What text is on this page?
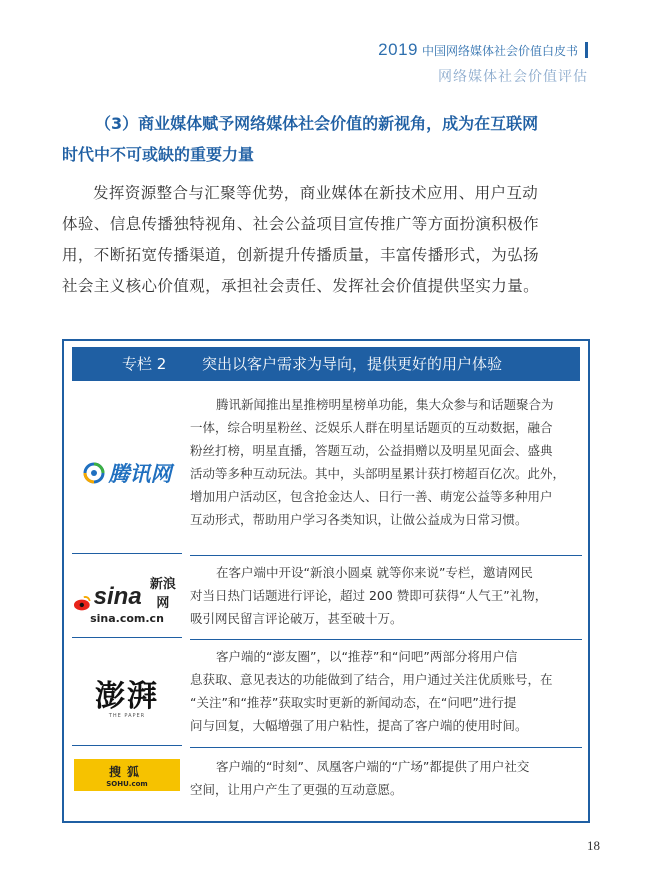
2019 中国网络媒体社会价值白皮书
网络媒体社会价值评估
（3）商业媒体赋予网络媒体社会价值的新视角，成为在互联网
时代中不可或缺的重要力量
发挥资源整合与汇聚等优势，商业媒体在新技术应用、用户互动
体验、信息传播独特视角、社会公益项目宣传推广等方面扮演积极作
用，不断拓宽传播渠道，创新提升传播质量，丰富传播形式，为弘扬
社会主义核心价值观，承担社会责任、发挥社会价值提供坚实力量。
专栏 2 突出以客户需求为导向，提供更好的用户体验
腾讯网
腾讯新闻推出星推榜明星榜单功能，集大众参与和话题聚合为
一体，综合明星粉丝、泛娱乐人群在明星话题页的互动数据，融合
粉丝打榜，明星直播，答题互动，公益捐赠以及明星见面会、盛典
活动等多种互动玩法。其中，头部明星累计获打榜超百亿次。此外，
增加用户活动区，包含抢金达人、日行一善、萌宠公益等多种用户
互动形式，帮助用户学习各类知识，让做公益成为日常习惯。
sina 新浪网
sina.com.cn
在客户端中开设“新浪小圆桌 就等你来说”专栏，邀请网民
对当日热门话题进行评论，超过 200 赞即可获得“人气王”礼物，
吸引网民留言评论破万，甚至破十万。
澎湃
THE PAPER
客户端的“澎友圈”，以“推荐”和“问吧”两部分将用户信
息获取、意见表达的功能做到了结合，用户通过关注优质账号，在
“关注”和“推荐”获取实时更新的新闻动态，在“问吧”进行提
问与回复，大幅增强了用户粘性，提高了客户端的使用时间。
搜狐
SOHU.com
客户端的“时刻”、凤凰客户端的“广场”都提供了用户社交
空间，让用户产生了更强的互动意愿。
18
